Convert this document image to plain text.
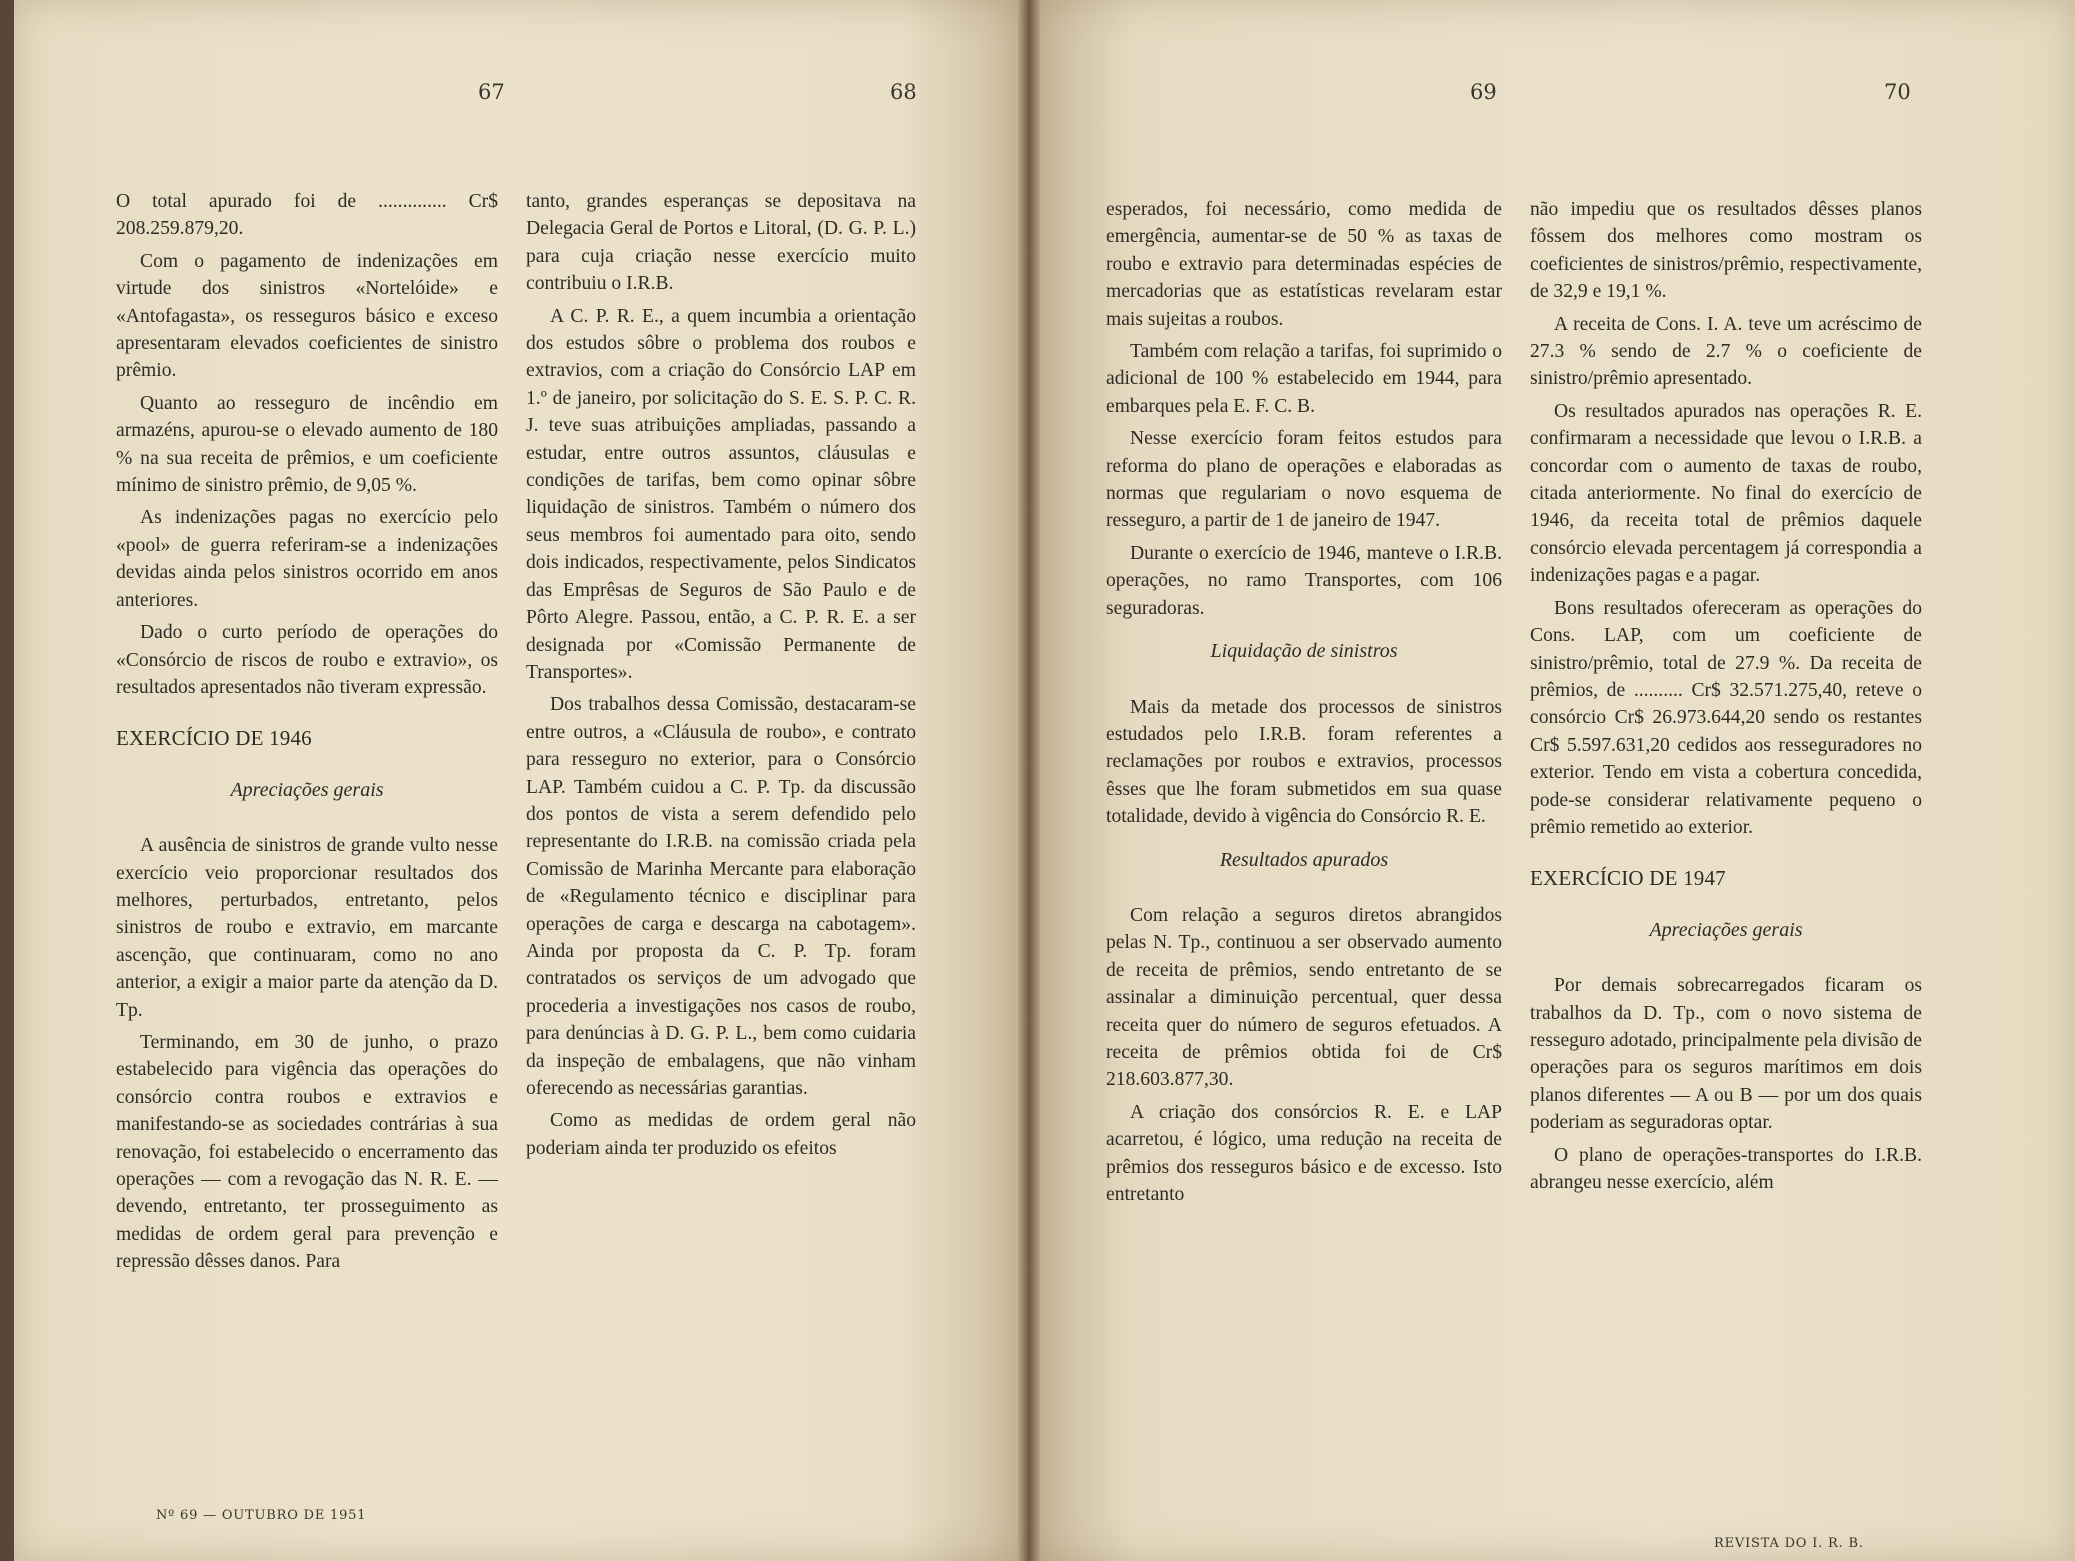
67	68	69	70

O total apurado foi de .............. Cr$ 208.259.879,20.

Com o pagamento de indenizações em virtude dos sinistros «Nortelóide» e «Antofagasta», os resseguros básico e exceso apresentaram elevados coeficientes de sinistro prêmio.

Quanto ao resseguro de incêndio em armazéns, apurou-se o elevado aumento de 180 % na sua receita de prêmios, e um coeficiente mínimo de sinistro prêmio, de 9,05 %.

As indenizações pagas no exercício pelo «pool» de guerra referiram-se a indenizações devidas ainda pelos sinistros ocorrido em anos anteriores.

Dado o curto período de operações do «Consórcio de riscos de roubo e extravio», os resultados apresentados não tiveram expressão.

EXERCÍCIO DE 1946
Apreciações gerais

A ausência de sinistros de grande vulto nesse exercício veio proporcionar resultados dos melhores, perturbados, entretanto, pelos sinistros de roubo e extravio, em marcante ascenção, que continuaram, como no ano anterior, a exigir a maior parte da atenção da D. Tp.

Terminando, em 30 de junho, o prazo estabelecido para vigência das operações do consórcio contra roubos e extravios e manifestando-se as sociedades contrárias à sua renovação, foi estabelecido o encerramento das operações — com a revogação das N. R. E. — devendo, entretanto, ter prosseguimento as medidas de ordem geral para prevenção e repressão dêsses danos. Para

tanto, grandes esperanças se depositava na Delegacia Geral de Portos e Litoral, (D. G. P. L.) para cuja criação nesse exercício muito contribuiu o I.R.B.

A C. P. R. E., a quem incumbia a orientação dos estudos sôbre o problema dos roubos e extravios, com a criação do Consórcio LAP em 1.º de janeiro, por solicitação do S. E. S. P. C. R. J. teve suas atribuições ampliadas, passando a estudar, entre outros assuntos, cláusulas e condições de tarifas, bem como opinar sôbre liquidação de sinistros. Também o número dos seus membros foi aumentado para oito, sendo dois indicados, respectivamente, pelos Sindicatos das Emprêsas de Seguros de São Paulo e de Pôrto Alegre. Passou, então, a C. P. R. E. a ser designada por «Comissão Permanente de Transportes».

Dos trabalhos dessa Comissão, destacaram-se entre outros, a «Cláusula de roubo», e contrato para resseguro no exterior, para o Consórcio LAP. Também cuidou a C. P. Tp. da discussão dos pontos de vista a serem defendido pelo representante do I.R.B. na comissão criada pela Comissão de Marinha Mercante para elaboração de «Regulamento técnico e disciplinar para operações de carga e descarga na cabotagem». Ainda por proposta da C. P. Tp. foram contratados os serviços de um advogado que procederia a investigações nos casos de roubo, para denúncias à D. G. P. L., bem como cuidaria da inspeção de embalagens, que não vinham oferecendo as necessárias garantias.

Como as medidas de ordem geral não poderiam ainda ter produzido os efeitos

esperados, foi necessário, como medida de emergência, aumentar-se de 50 % as taxas de roubo e extravio para determinadas espécies de mercadorias que as estatísticas revelaram estar mais sujeitas a roubos.

Também com relação a tarifas, foi suprimido o adicional de 100 % estabelecido em 1944, para embarques pela E. F. C. B.

Nesse exercício foram feitos estudos para reforma do plano de operações e elaboradas as normas que regulariam o novo esquema de resseguro, a partir de 1 de janeiro de 1947.

Durante o exercício de 1946, manteve o I.R.B. operações, no ramo Transportes, com 106 seguradoras.

Liquidação de sinistros

Mais da metade dos processos de sinistros estudados pelo I.R.B. foram referentes a reclamações por roubos e extravios, processos êsses que lhe foram submetidos em sua quase totalidade, devido à vigência do Consórcio R. E.

Resultados apurados

Com relação a seguros diretos abrangidos pelas N. Tp., continuou a ser observado aumento de receita de prêmios, sendo entretanto de se assinalar a diminuição percentual, quer dessa receita quer do número de seguros efetuados. A receita de prêmios obtida foi de Cr$ 218.603.877,30.

A criação dos consórcios R. E. e LAP acarretou, é lógico, uma redução na receita de prêmios dos resseguros básico e de excesso. Isto entretanto

não impediu que os resultados dêsses planos fôssem dos melhores como mostram os coeficientes de sinistros/prêmio, respectivamente, de 32,9 e 19,1 %.

A receita de Cons. I. A. teve um acréscimo de 27.3 % sendo de 2.7 % o coeficiente de sinistro/prêmio apresentado.

Os resultados apurados nas operações R. E. confirmaram a necessidade que levou o I.R.B. a concordar com o aumento de taxas de roubo, citada anteriormente. No final do exercício de 1946, da receita total de prêmios daquele consórcio elevada percentagem já correspondia a indenizações pagas e a pagar.

Bons resultados ofereceram as operações do Cons. LAP, com um coeficiente de sinistro/prêmio, total de 27.9 %. Da receita de prêmios, de .......... Cr$ 32.571.275,40, reteve o consórcio Cr$ 26.973.644,20 sendo os restantes Cr$ 5.597.631,20 cedidos aos resseguradores no exterior. Tendo em vista a cobertura concedida, pode-se considerar relativamente pequeno o prêmio remetido ao exterior.

EXERCÍCIO DE 1947
Apreciações gerais

Por demais sobrecarregados ficaram os trabalhos da D. Tp., com o novo sistema de resseguro adotado, principalmente pela divisão de operações para os seguros marítimos em dois planos diferentes — A ou B — por um dos quais poderiam as seguradoras optar.

O plano de operações-transportes do I.R.B. abrangeu nesse exercício, além

Nº 69 — OUTUBRO DE 1951
REVISTA DO I. R. B.
